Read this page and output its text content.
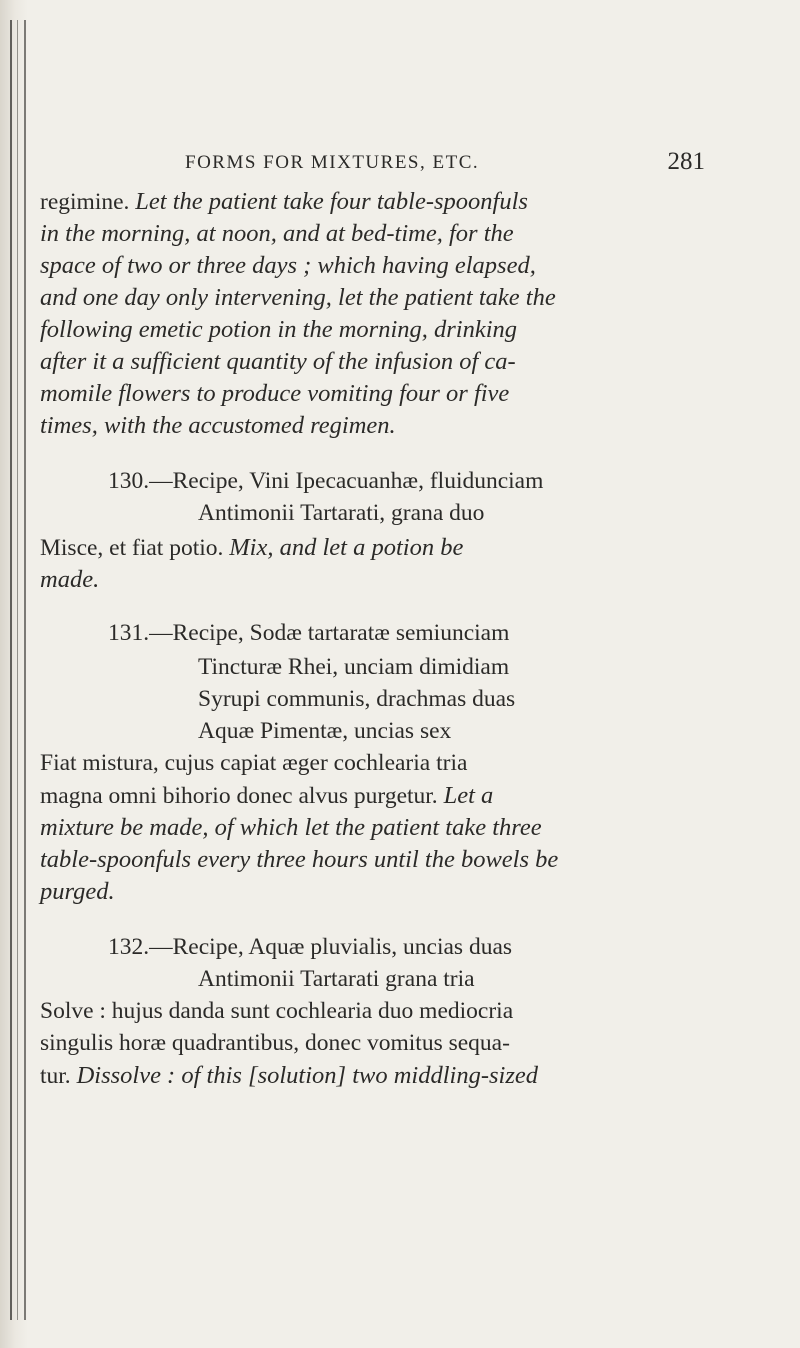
FORMS FOR MIXTURES, ETC.	281

regimine. Let the patient take four table-spoonfuls

in the morning, at noon, and at bed-time, for the

space of two or three days ; which having elapsed,

and one day only intervening, let the patient take the

following emetic potion in the morning, drinking

after it a sufficient quantity of the infusion of ca-

momile flowers to produce vomiting four or five

times, with the accustomed regimen.

130.—Recipe, Vini Ipecacuanhæ, fluidunciam

Antimonii Tartarati, grana duo

Misce, et fiat potio. Mix, and let a potion be

made.

131.—Recipe, Sodæ tartaratæ semiunciam

Tincturæ Rhei, unciam dimidiam

Syrupi communis, drachmas duas

Aquæ Pimentæ, uncias sex

Fiat mistura, cujus capiat æger cochlearia tria

magna omni bihorio donec alvus purgetur. Let a

mixture be made, of which let the patient take three

table-spoonfuls every three hours until the bowels be

purged.

132.—Recipe, Aquæ pluvialis, uncias duas

Antimonii Tartarati grana tria

Solve : hujus danda sunt cochlearia duo mediocria

singulis horæ quadrantibus, donec vomitus sequa-

tur. Dissolve : of this [solution] two middling-sized
